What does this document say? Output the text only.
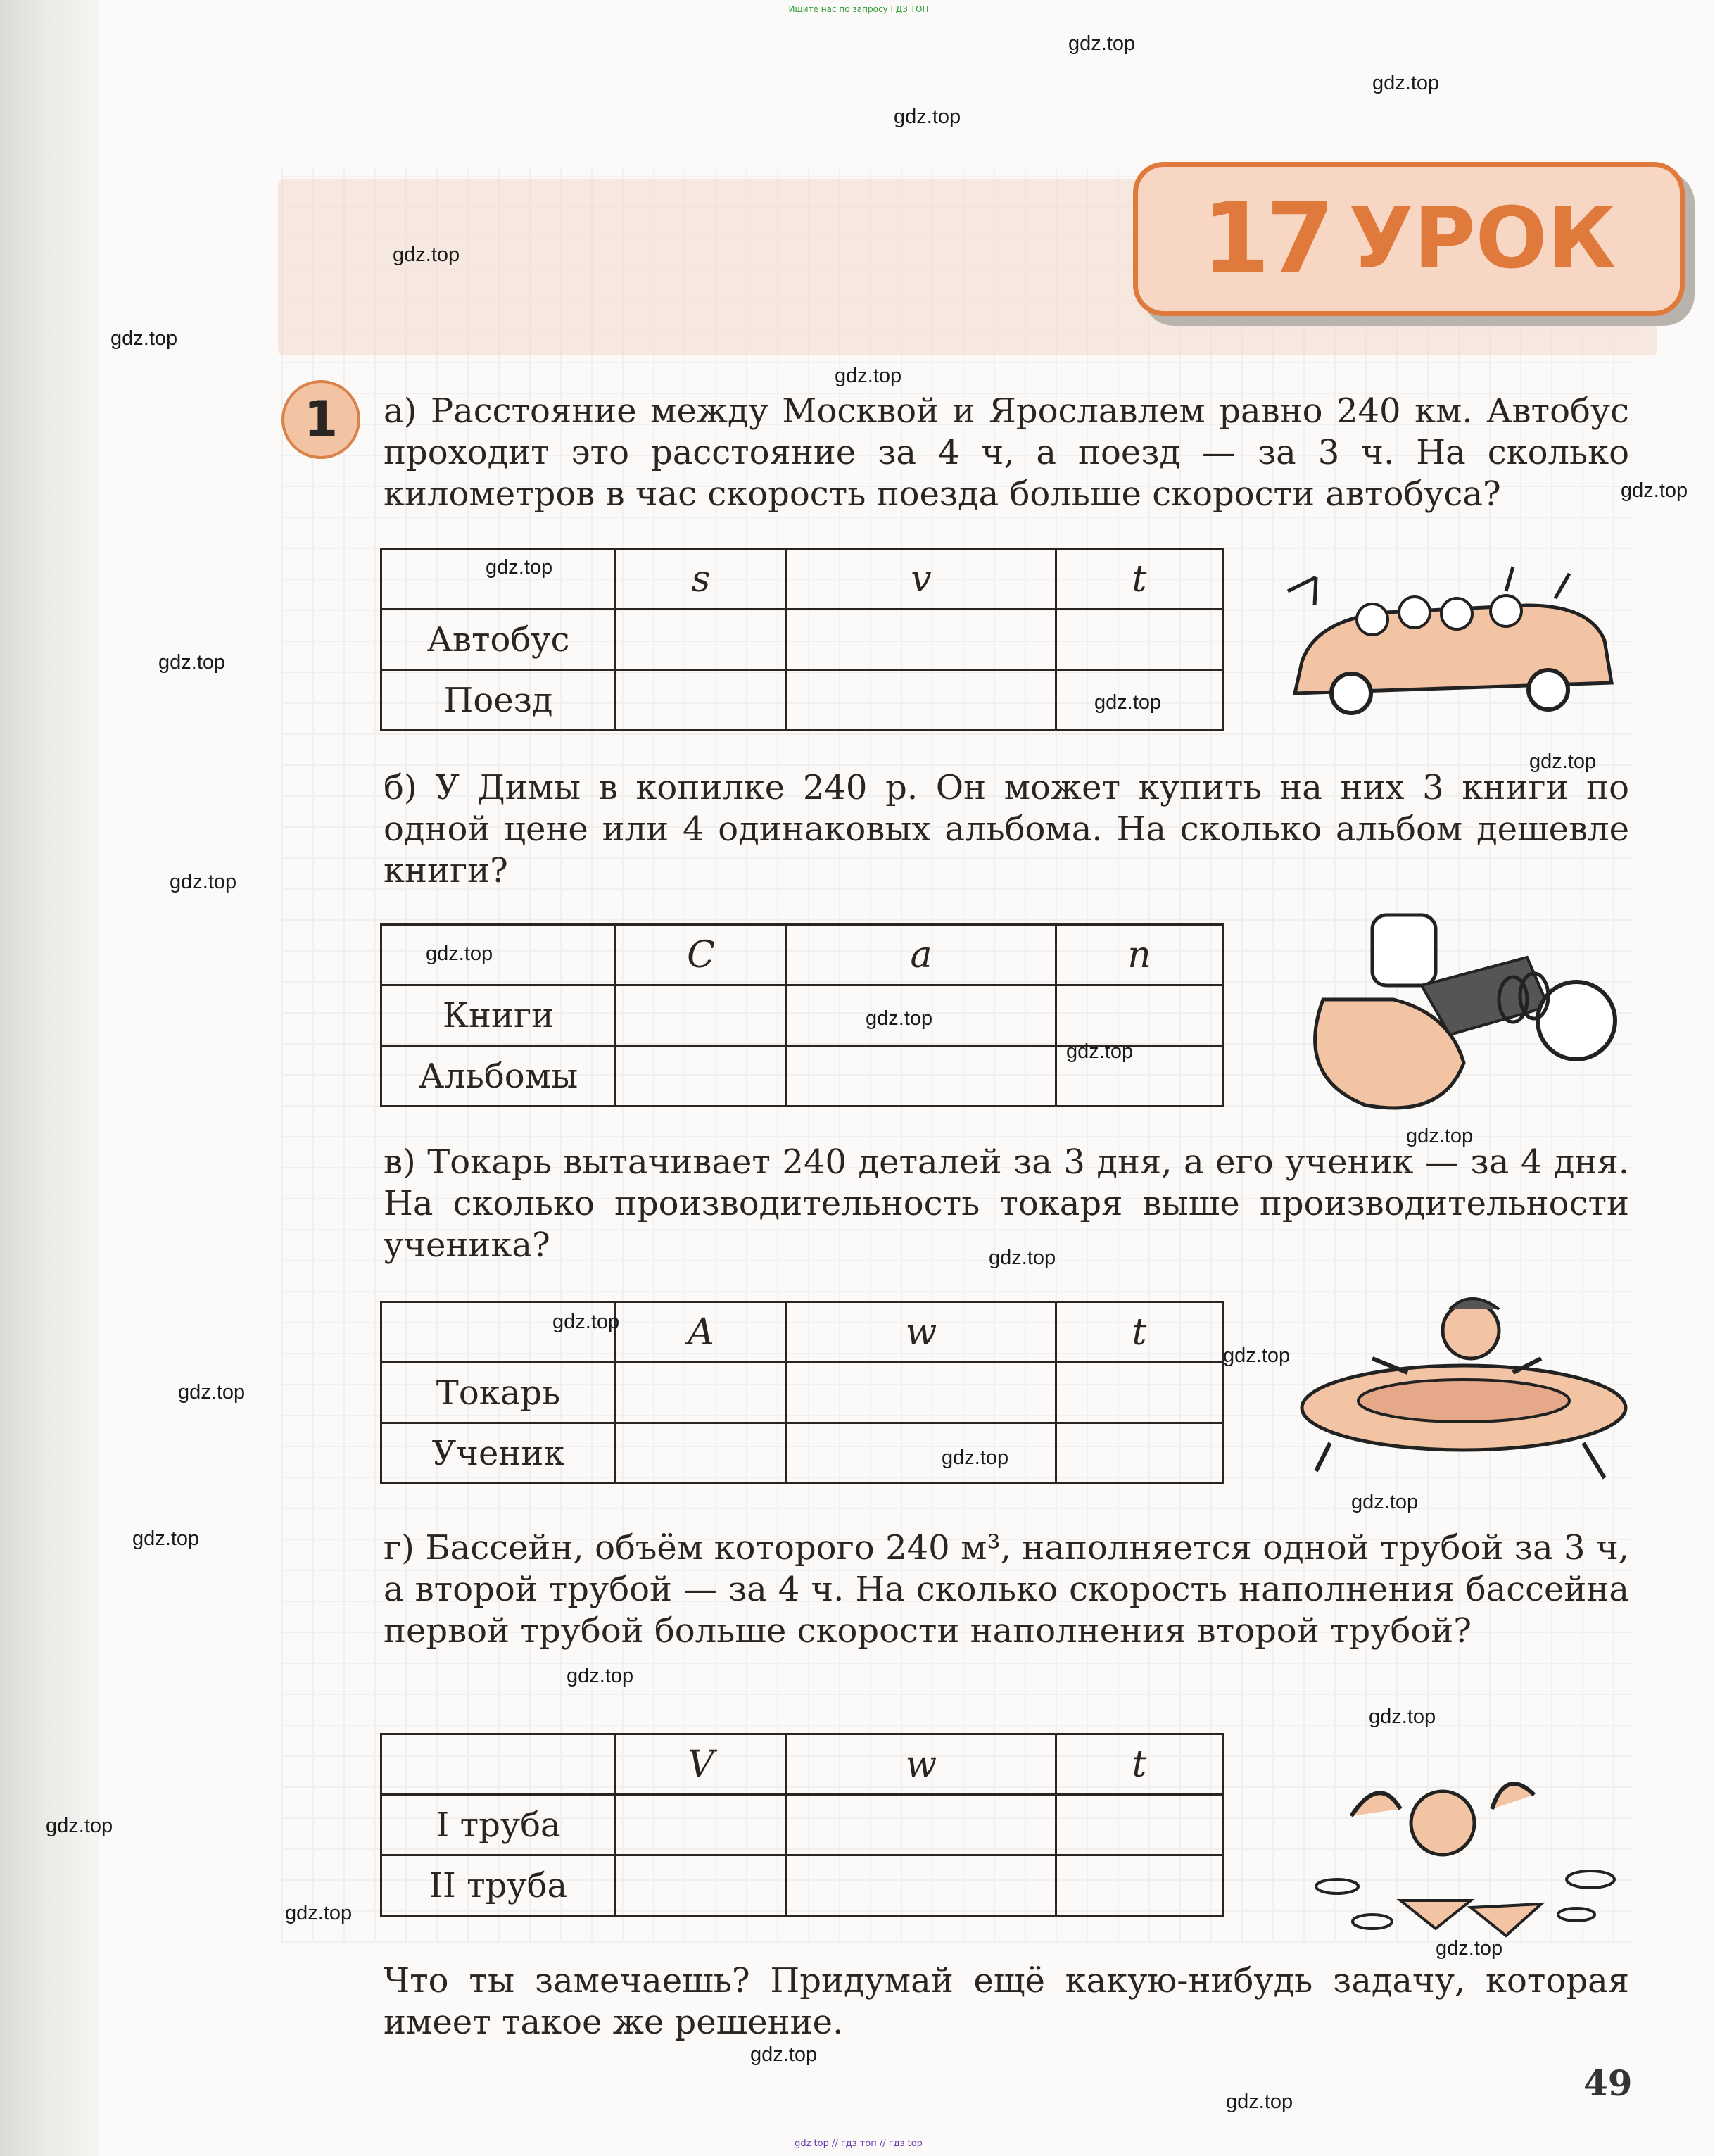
Ищите нас по запросу ГДЗ ТОП
17 УРОК
1	а) Расстояние между Москвой и Ярославлем равно 240 км. Автобус проходит это расстояние за 4 ч, а поезд — за 3 ч. На сколько километров в час скорость поезда больше скорости автобуса?

	s	v	t
Автобус			
Поезд			

б) У Димы в копилке 240 р. Он может купить на них 3 книги по одной цене или 4 одинаковых альбома. На сколько альбом дешевле книги?

	C	a	n
Книги			
Альбомы			

в) Токарь вытачивает 240 деталей за 3 дня, а его ученик — за 4 дня. На сколько производительность токаря выше производительности ученика?

	A	w	t
Токарь			
Ученик			

г) Бассейн, объём которого 240 м³, наполняется одной трубой за 3 ч, а второй трубой — за 4 ч. На сколько скорость наполнения бассейна первой трубой больше скорости наполнения второй трубой?

	V	w	t
I труба			
II труба			

Что ты замечаешь? Придумай ещё какую-нибудь задачу, которая имеет такое же решение.

49
gdz.top
gdz.top
gdz.top
gdz.top
gdz.top
gdz.top
gdz.top
gdz.top
gdz.top
gdz.top
gdz.top
gdz.top
gdz.top
gdz.top
gdz.top
gdz.top
gdz.top
gdz.top
gdz.top
gdz.top
gdz.top
gdz.top
gdz.top
gdz.top
gdz.top
gdz.top
gdz.top
gdz.top
gdz.top
gdz.top
gdz top // гдз топ // гдз top
